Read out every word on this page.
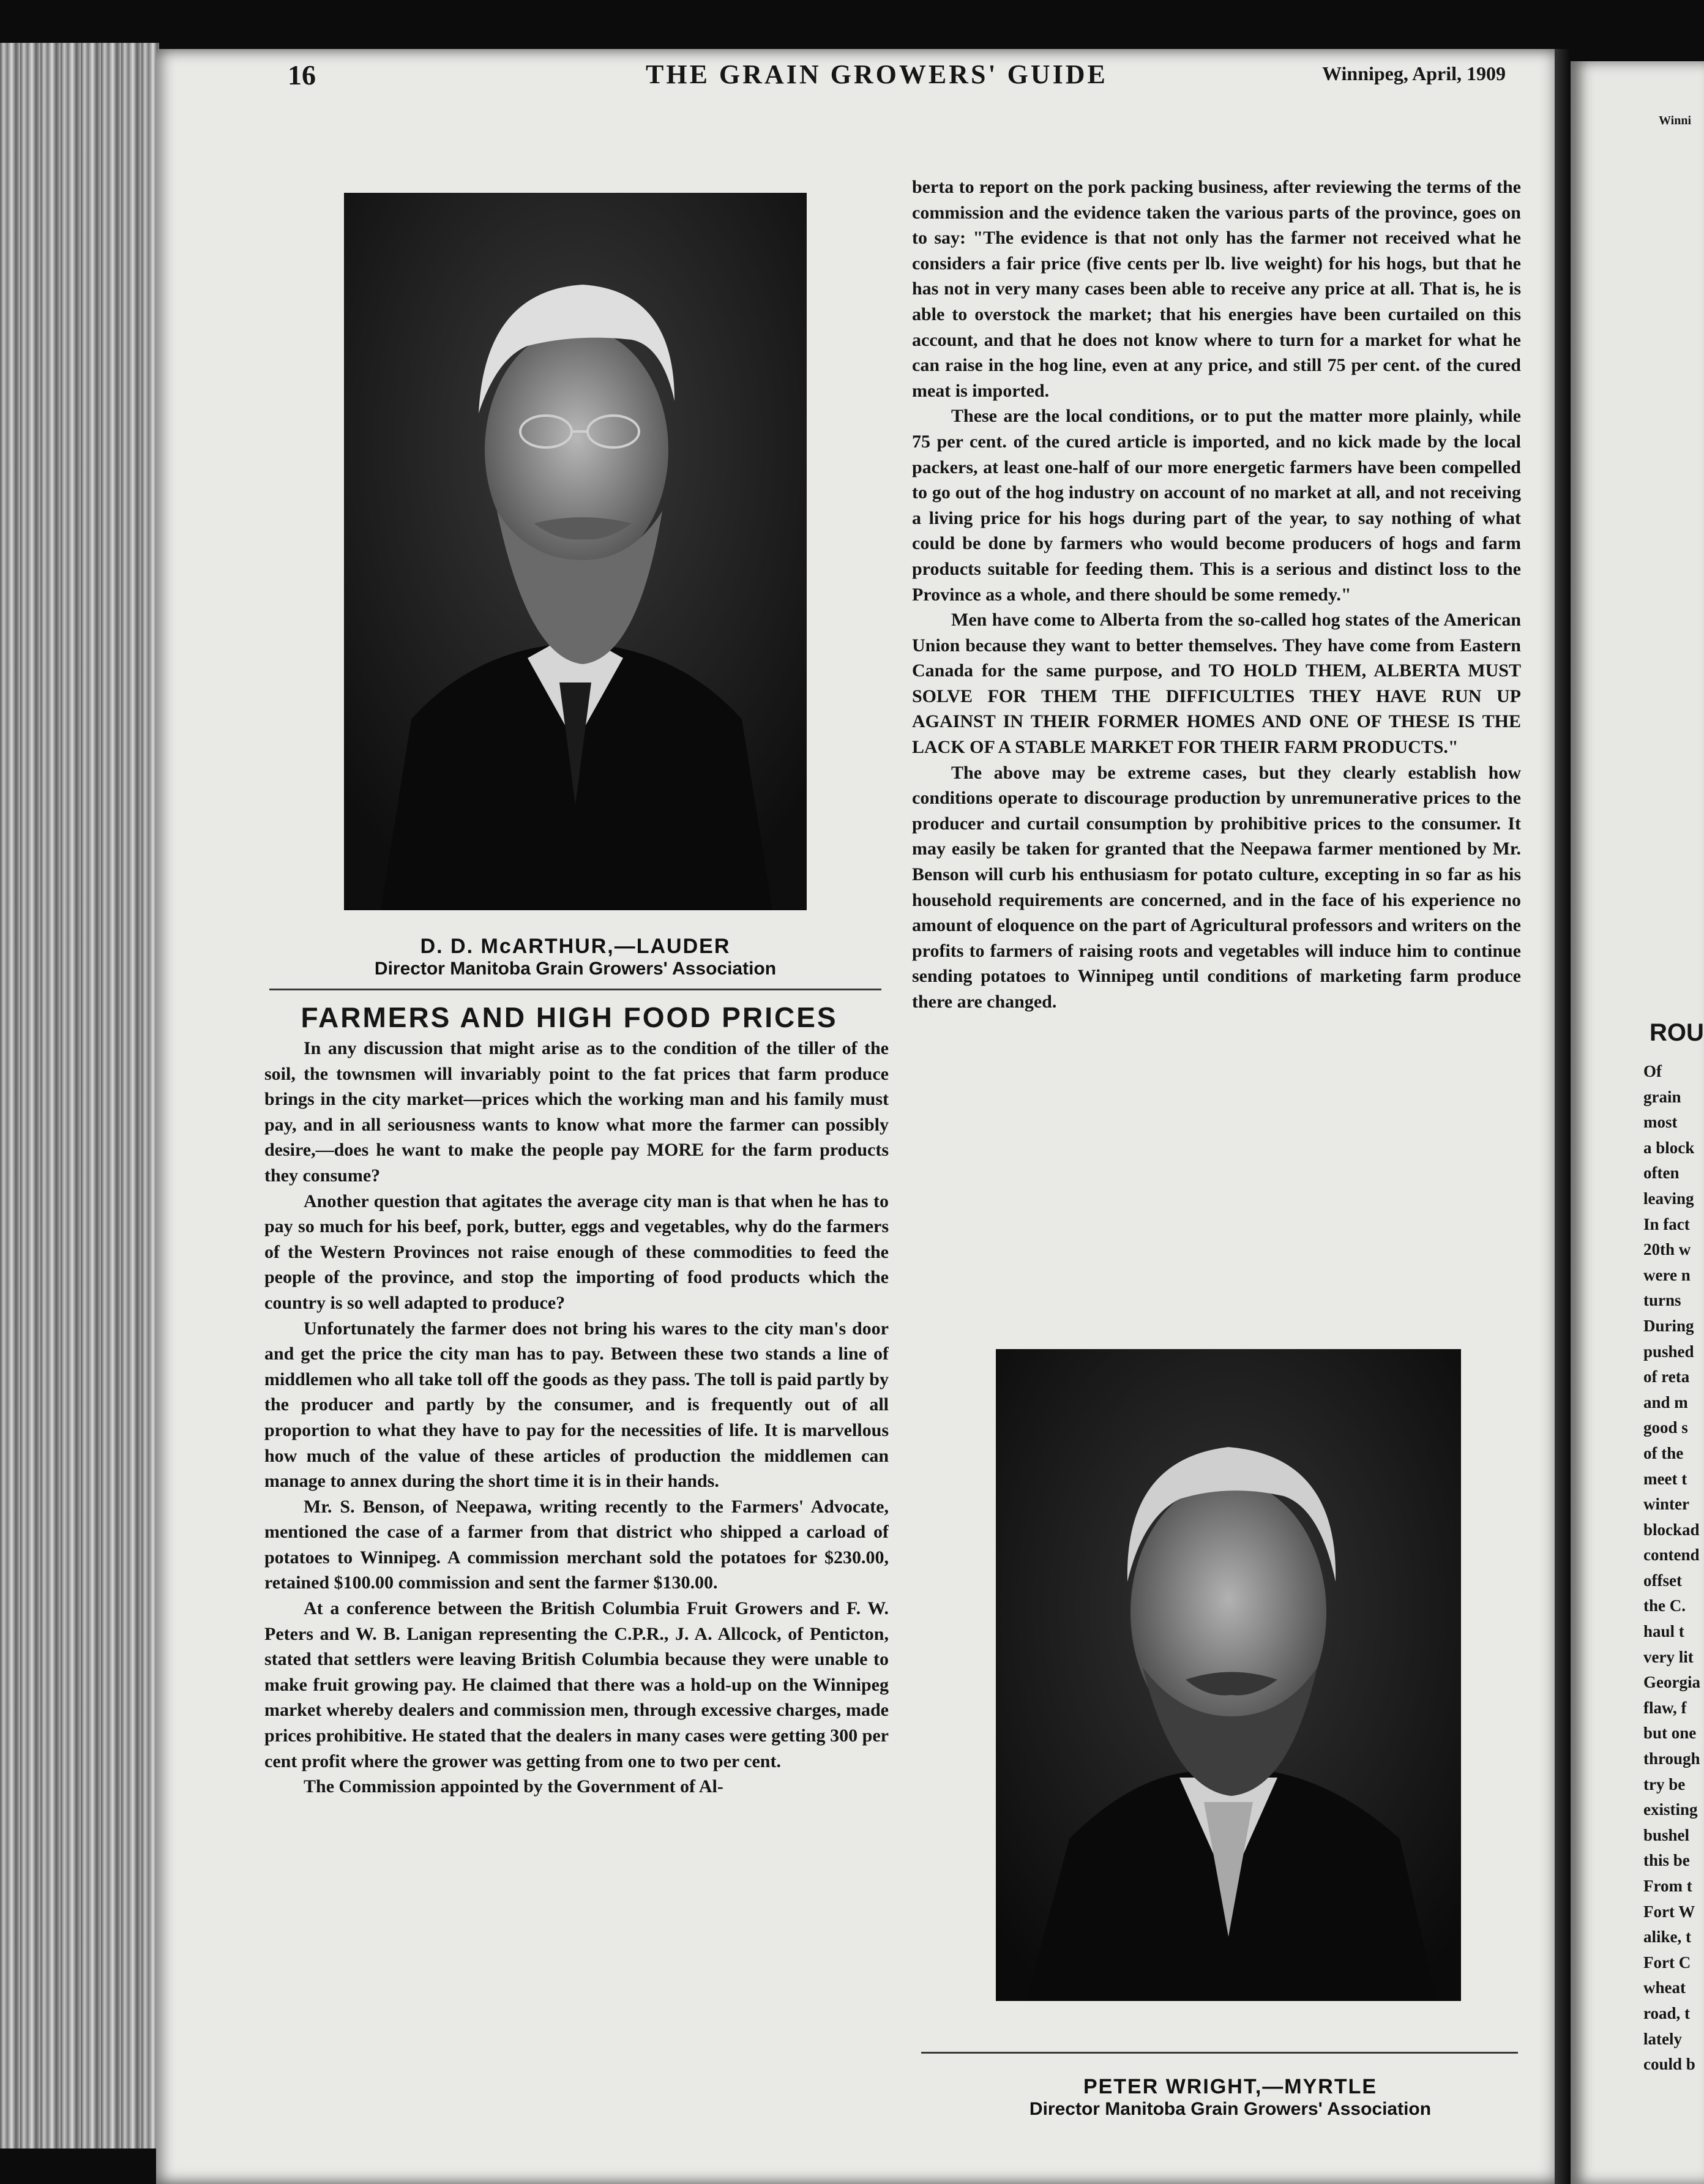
16	THE GRAIN GROWERS' GUIDE	Winnipeg, April, 1909
D. D. McARTHUR,—LAUDER
Director Manitoba Grain Growers' Association
FARMERS AND HIGH FOOD PRICES

In any discussion that might arise as to the condition of the tiller of the soil, the townsmen will invariably point to the fat prices that farm produce brings in the city market—prices which the working man and his family must pay, and in all seriousness wants to know what more the farmer can possibly desire,—does he want to make the people pay MORE for the farm products they consume?

Another question that agitates the average city man is that when he has to pay so much for his beef, pork, butter, eggs and vegetables, why do the farmers of the Western Provinces not raise enough of these commodities to feed the people of the province, and stop the importing of food products which the country is so well adapted to produce?

Unfortunately the farmer does not bring his wares to the city man's door and get the price the city man has to pay. Between these two stands a line of middlemen who all take toll off the goods as they pass. The toll is paid partly by the producer and partly by the consumer, and is frequently out of all proportion to what they have to pay for the necessities of life. It is marvellous how much of the value of these articles of production the middlemen can manage to annex during the short time it is in their hands.

Mr. S. Benson, of Neepawa, writing recently to the Farmers' Advocate, mentioned the case of a farmer from that district who shipped a carload of potatoes to Winnipeg. A commission merchant sold the potatoes for $230.00, retained $100.00 commission and sent the farmer $130.00.

At a conference between the British Columbia Fruit Growers and F. W. Peters and W. B. Lanigan representing the C.P.R., J. A. Allcock, of Penticton, stated that settlers were leaving British Columbia because they were unable to make fruit growing pay. He claimed that there was a hold-up on the Winnipeg market whereby dealers and commission men, through excessive charges, made prices prohibitive. He stated that the dealers in many cases were getting 300 per cent profit where the grower was getting from one to two per cent.

The Commission appointed by the Government of Al-

berta to report on the pork packing business, after reviewing the terms of the commission and the evidence taken the various parts of the province, goes on to say: "The evidence is that not only has the farmer not received what he considers a fair price (five cents per lb. live weight) for his hogs, but that he has not in very many cases been able to receive any price at all. That is, he is able to overstock the market; that his energies have been curtailed on this account, and that he does not know where to turn for a market for what he can raise in the hog line, even at any price, and still 75 per cent. of the cured meat is imported.

These are the local conditions, or to put the matter more plainly, while 75 per cent. of the cured article is imported, and no kick made by the local packers, at least one-half of our more energetic farmers have been compelled to go out of the hog industry on account of no market at all, and not receiving a living price for his hogs during part of the year, to say nothing of what could be done by farmers who would become producers of hogs and farm products suitable for feeding them. This is a serious and distinct loss to the Province as a whole, and there should be some remedy."

Men have come to Alberta from the so-called hog states of the American Union because they want to better themselves. They have come from Eastern Canada for the same purpose, and TO HOLD THEM, ALBERTA MUST SOLVE FOR THEM THE DIFFICULTIES THEY HAVE RUN UP AGAINST IN THEIR FORMER HOMES AND ONE OF THESE IS THE LACK OF A STABLE MARKET FOR THEIR FARM PRODUCTS."

The above may be extreme cases, but they clearly establish how conditions operate to discourage production by unremunerative prices to the producer and curtail consumption by prohibitive prices to the consumer. It may easily be taken for granted that the Neepawa farmer mentioned by Mr. Benson will curb his enthusiasm for potato culture, excepting in so far as his household requirements are concerned, and in the face of his experience no amount of eloquence on the part of Agricultural professors and writers on the profits to farmers of raising roots and vegetables will induce him to continue sending potatoes to Winnipeg until conditions of marketing farm produce there are changed.

PETER WRIGHT,—MYRTLE
Director Manitoba Grain Growers' Association
Winni
ROU
Of
grain
most
a block
often
leaving
In fact
20th w
were n
turns
During
pushed
of reta
and m
good s
of the
meet t
winter
blockad
contend
offset
the C.
haul t
very lit
Georgia
flaw, f
but one
through
try be
existing
bushel
this be
From t
Fort W
alike, t
Fort C
wheat
road, t
lately
could b
